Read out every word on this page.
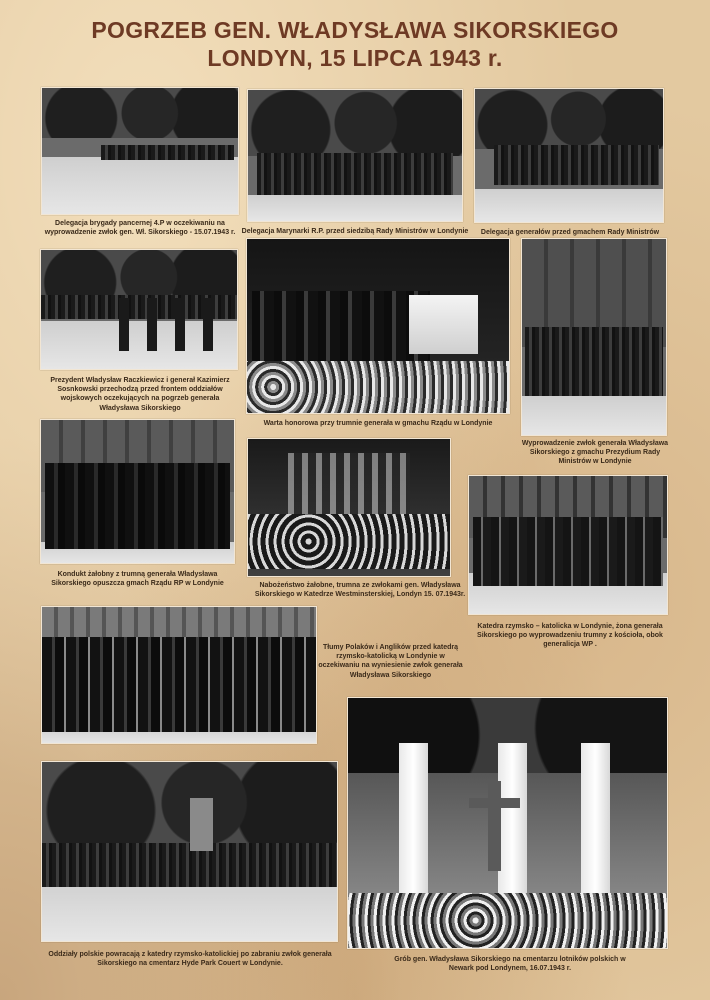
POGRZEB GEN. WŁADYSŁAWA SIKORSKIEGO
LONDYN, 15 LIPCA 1943 r.
Delegacja brygady pancernej 4.P w oczekiwaniu na wyprowadzenie zwłok gen. Wł. Sikorskiego - 15.07.1943 r. Delegacja Marynarki R.P. przed siedzibą Rady Ministrów w Londynie	Delegacja generałów przed gmachem Rady Ministrów
Prezydent Władysław Raczkiewicz i generał Kazimierz Sosnkowski przechodzą przed frontem oddziałów wojskowych oczekujących na pogrzeb generała Władysława Sikorskiego
Warta honorowa przy trumnie generała w gmachu Rządu w Londynie
Wyprowadzenie zwłok generała Władysława Sikorskiego z gmachu Prezydium Rady Ministrów w Londynie
Kondukt żałobny z trumną generała Władysława Sikorskiego opuszcza gmach Rządu RP w Londynie	Nabożeństwo żałobne, trumna ze zwłokami gen. Władysława Sikorskiego w Katedrze Westminsterskiej, Londyn 15. 07.1943r.
Katedra rzymsko – katolicka w Londynie, żona generała Sikorskiego po wyprowadzeniu trumny z kościoła, obok generalicja WP .
Tłumy Polaków i Anglików przed katedrą rzymsko-katolicką w Londynie w oczekiwaniu na wyniesienie zwłok generała Władysława Sikorskiego
Grób gen. Władysława Sikorskiego na cmentarzu lotników polskich w Newark pod Londynem, 16.07.1943 r.
Oddziały polskie powracają z katedry rzymsko-katolickiej po zabraniu zwłok generała Sikorskiego na cmentarz Hyde Park Couert w Londynie.
